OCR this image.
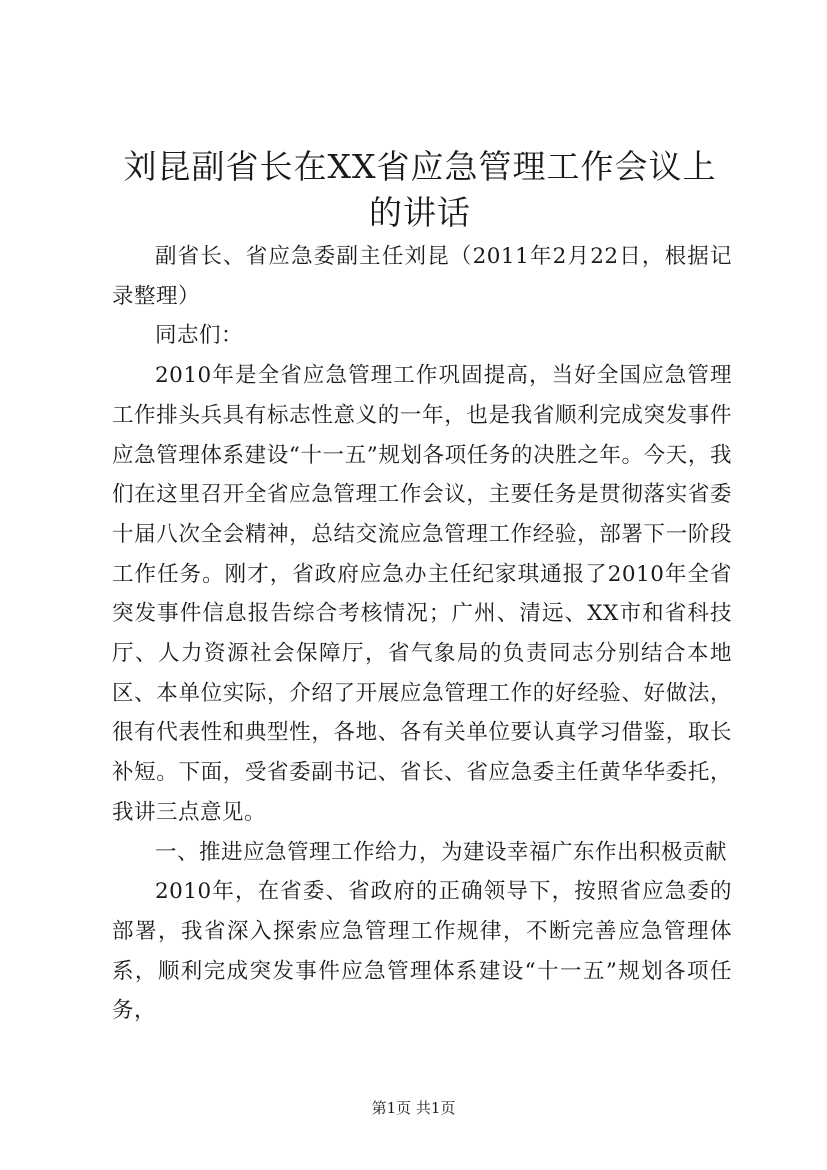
刘昆副省长在XX省应急管理工作会议上的讲话

副省长、省应急委副主任刘昆（2011年2月22日，根据记录整理）

同志们：

2010年是全省应急管理工作巩固提高，当好全国应急管理工作排头兵具有标志性意义的一年，也是我省顺利完成突发事件应急管理体系建设“十一五”规划各项任务的决胜之年。今天，我们在这里召开全省应急管理工作会议，主要任务是贯彻落实省委十届八次全会精神，总结交流应急管理工作经验，部署下一阶段工作任务。刚才，省政府应急办主任纪家琪通报了2010年全省突发事件信息报告综合考核情况；广州、清远、XX市和省科技厅、人力资源社会保障厅，省气象局的负责同志分别结合本地区、本单位实际，介绍了开展应急管理工作的好经验、好做法，很有代表性和典型性，各地、各有关单位要认真学习借鉴，取长补短。下面，受省委副书记、省长、省应急委主任黄华华委托，我讲三点意见。

一、推进应急管理工作给力，为建设幸福广东作出积极贡献

2010年，在省委、省政府的正确领导下，按照省应急委的部署，我省深入探索应急管理工作规律，不断完善应急管理体系，顺利完成突发事件应急管理体系建设“十一五”规划各项任务，

第1页 共1页
